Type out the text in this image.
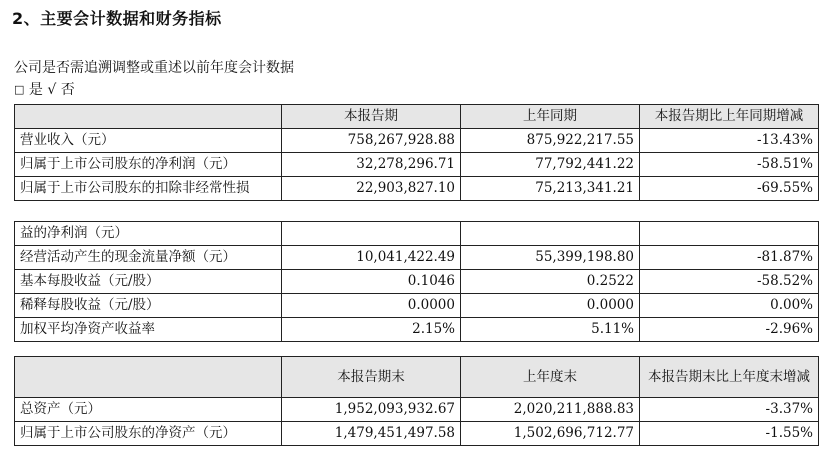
2、主要会计数据和财务指标
公司是否需追溯调整或重述以前年度会计数据
□ 是 √ 否
	本报告期	上年同期	本报告期比上年同期增减
营业收入（元）	758,267,928.88	875,922,217.55	-13.43%
归属于上市公司股东的净利润（元）	32,278,296.71	77,792,441.22	-58.51%
归属于上市公司股东的扣除非经常性损	22,903,827.10	75,213,341.21	-69.55%
益的净利润（元）			
经营活动产生的现金流量净额（元）	10,041,422.49	55,399,198.80	-81.87%
基本每股收益（元/股）	0.1046	0.2522	-58.52%
稀释每股收益（元/股）	0.0000	0.0000	0.00%
加权平均净资产收益率	2.15%	5.11%	-2.96%
	本报告期末	上年度末	本报告期末比上年度末增减
总资产（元）	1,952,093,932.67	2,020,211,888.83	-3.37%
归属于上市公司股东的净资产（元）	1,479,451,497.58	1,502,696,712.77	-1.55%
